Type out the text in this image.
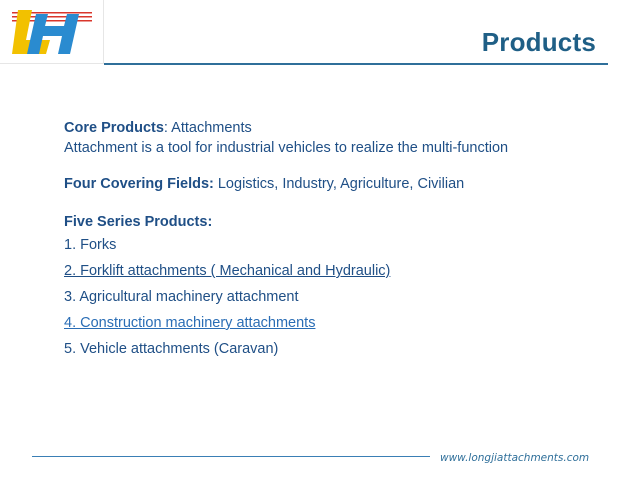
Products
Core Products: Attachments
Attachment is a tool for industrial vehicles to realize the multi-function
Four Covering Fields: Logistics, Industry, Agriculture, Civilian
Five Series Products:
1. Forks
2. Forklift attachments ( Mechanical and Hydraulic)
3. Agricultural machinery attachment
4. Construction machinery attachments
5. Vehicle attachments (Caravan)
www.longjiattachments.com
